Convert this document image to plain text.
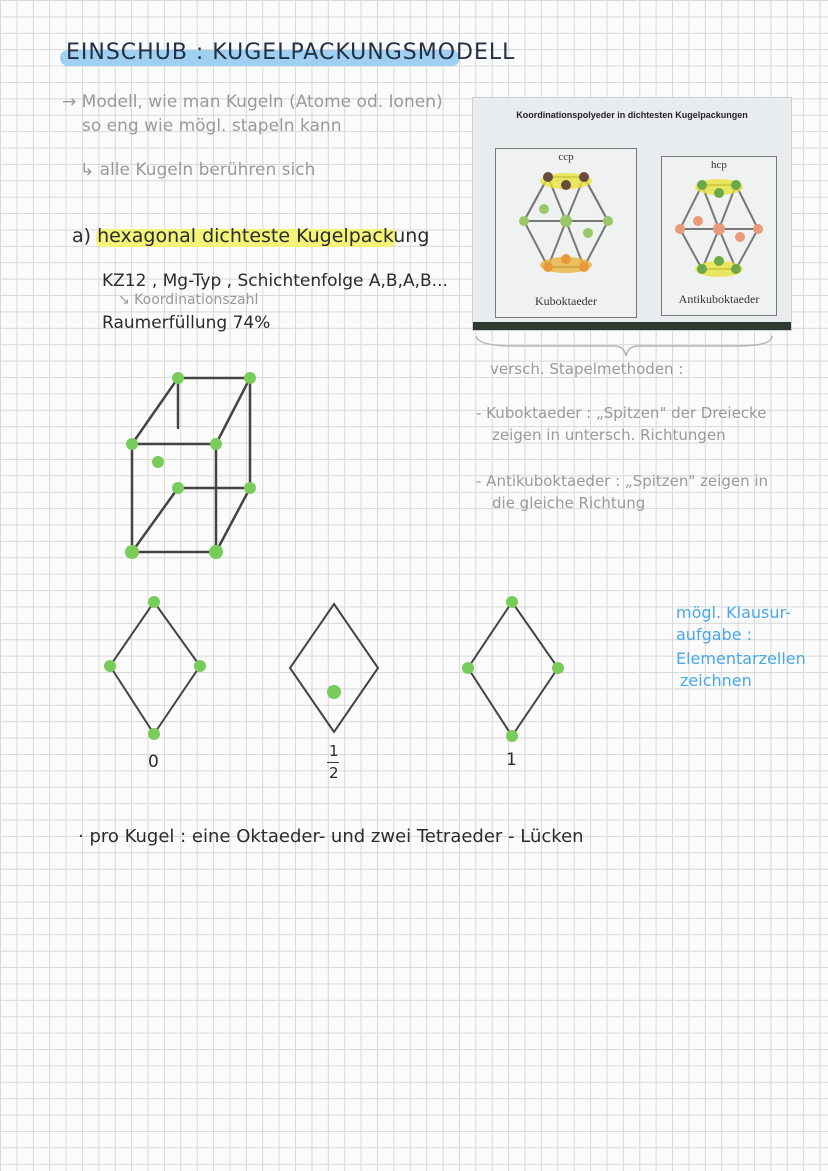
EINSCHUB : KUGELPACKUNGSMODELL
→ Modell, wie man Kugeln (Atome od. Ionen)
so eng wie mögl. stapeln kann
↳ alle Kugeln berühren sich
a) hexagonal dichteste Kugelpackung
KZ12 , Mg-Typ , Schichtenfolge A,B,A,B...
↘ Koordinationszahl
Raumerfüllung 74%
Koordinationspolyeder in dichtesten Kugelpackungen
ccp
Kuboktaeder
hcp
Antikuboktaeder
versch. Stapelmethoden :
- Kuboktaeder : „Spitzen" der Dreiecke
zeigen in untersch. Richtungen
- Antikuboktaeder : „Spitzen" zeigen in
die gleiche Richtung
0
1
2
1
mögl. Klausur-
aufgabe :
Elementarzellen
zeichnen
· pro Kugel : eine Oktaeder- und zwei Tetraeder - Lücken
